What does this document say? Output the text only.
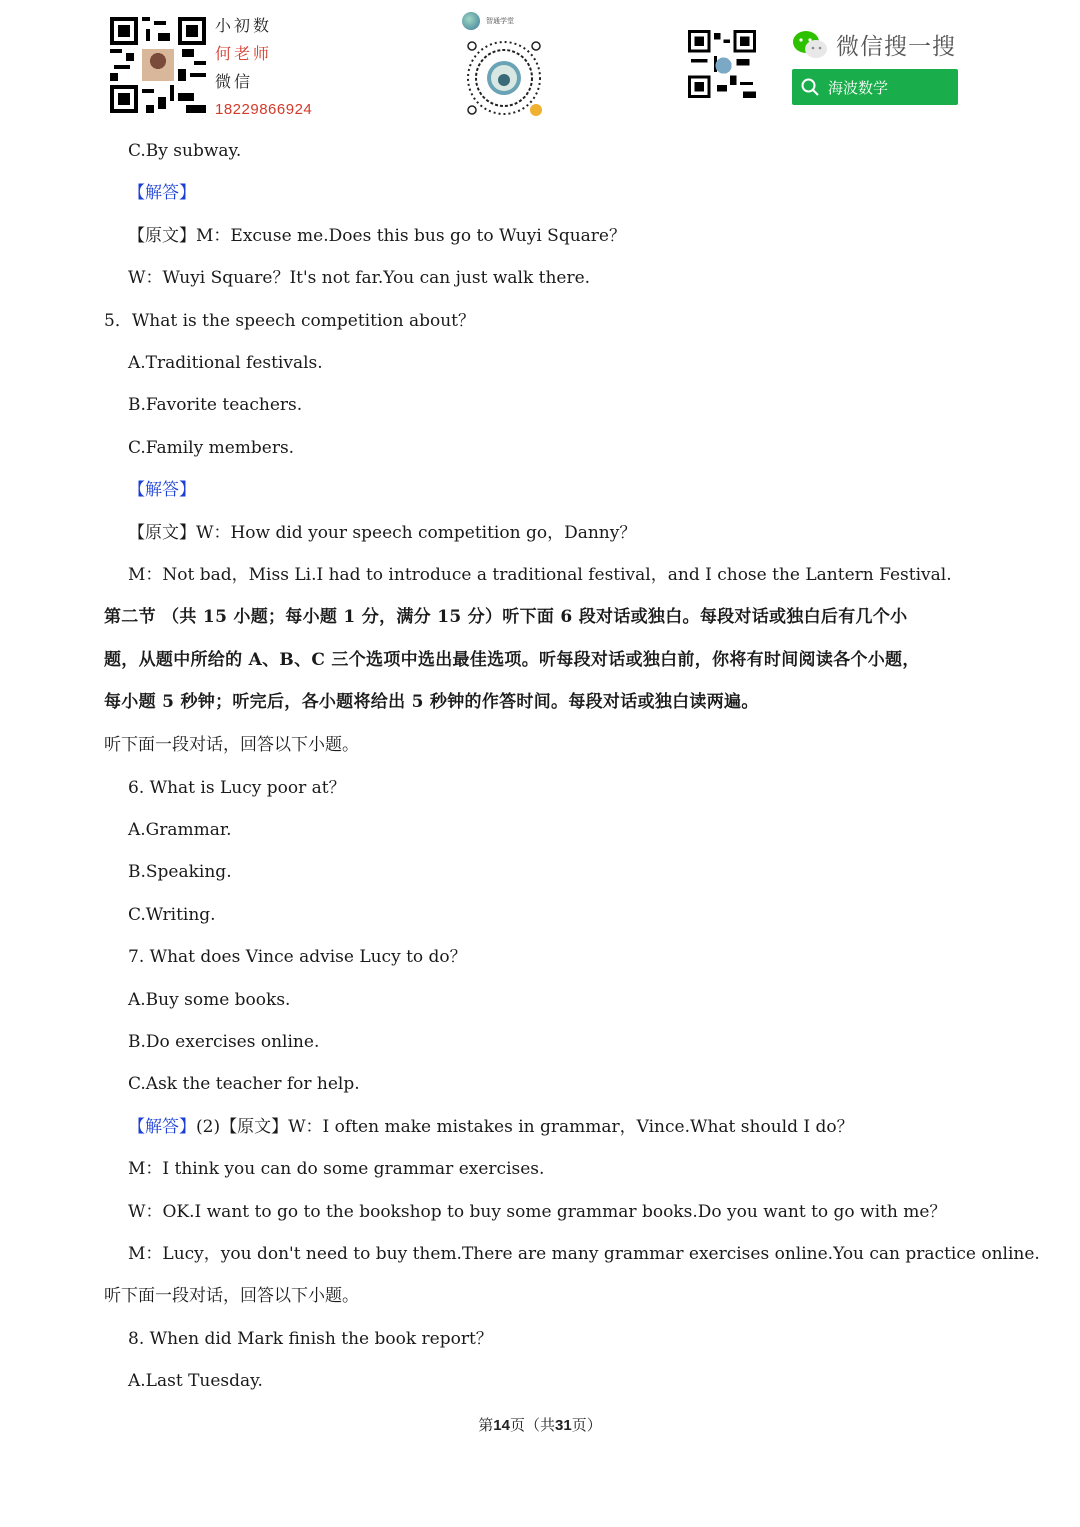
小初数
何老师
微信
18229866924
智通学堂
微信搜一搜
海波数学
C.By subway.
【解答】
【原文】M：Excuse me.Does this bus go to Wuyi Square？
W：Wuyi Square？It's not far.You can just walk there.
5．What is the speech competition about？
A.Traditional festivals.
B.Favorite teachers.
C.Family members.
【解答】
【原文】W：How did your speech competition go，Danny？
M：Not bad，Miss Li.I had to introduce a traditional festival，and I chose the Lantern Festival.
第二节 （共 15 小题；每小题 1 分，满分 15 分）听下面 6 段对话或独白。每段对话或独白后有几个小
题，从题中所给的 A、B、C 三个选项中选出最佳选项。听每段对话或独白前，你将有时间阅读各个小题，
每小题 5 秒钟；听完后，各小题将给出 5 秒钟的作答时间。每段对话或独白读两遍。
听下面一段对话，回答以下小题。
6. What is Lucy poor at？
A.Grammar.
B.Speaking.
C.Writing.
7. What does Vince advise Lucy to do？
A.Buy some books.
B.Do exercises online.
C.Ask the teacher for help.
【解答】(2)【原文】W：I often make mistakes in grammar，Vince.What should I do？
M：I think you can do some grammar exercises.
W：OK.I want to go to the bookshop to buy some grammar books.Do you want to go with me？
M：Lucy，you don't need to buy them.There are many grammar exercises online.You can practice online.
听下面一段对话，回答以下小题。
8. When did Mark finish the book report？
A.Last Tuesday.
第14页（共31页）
